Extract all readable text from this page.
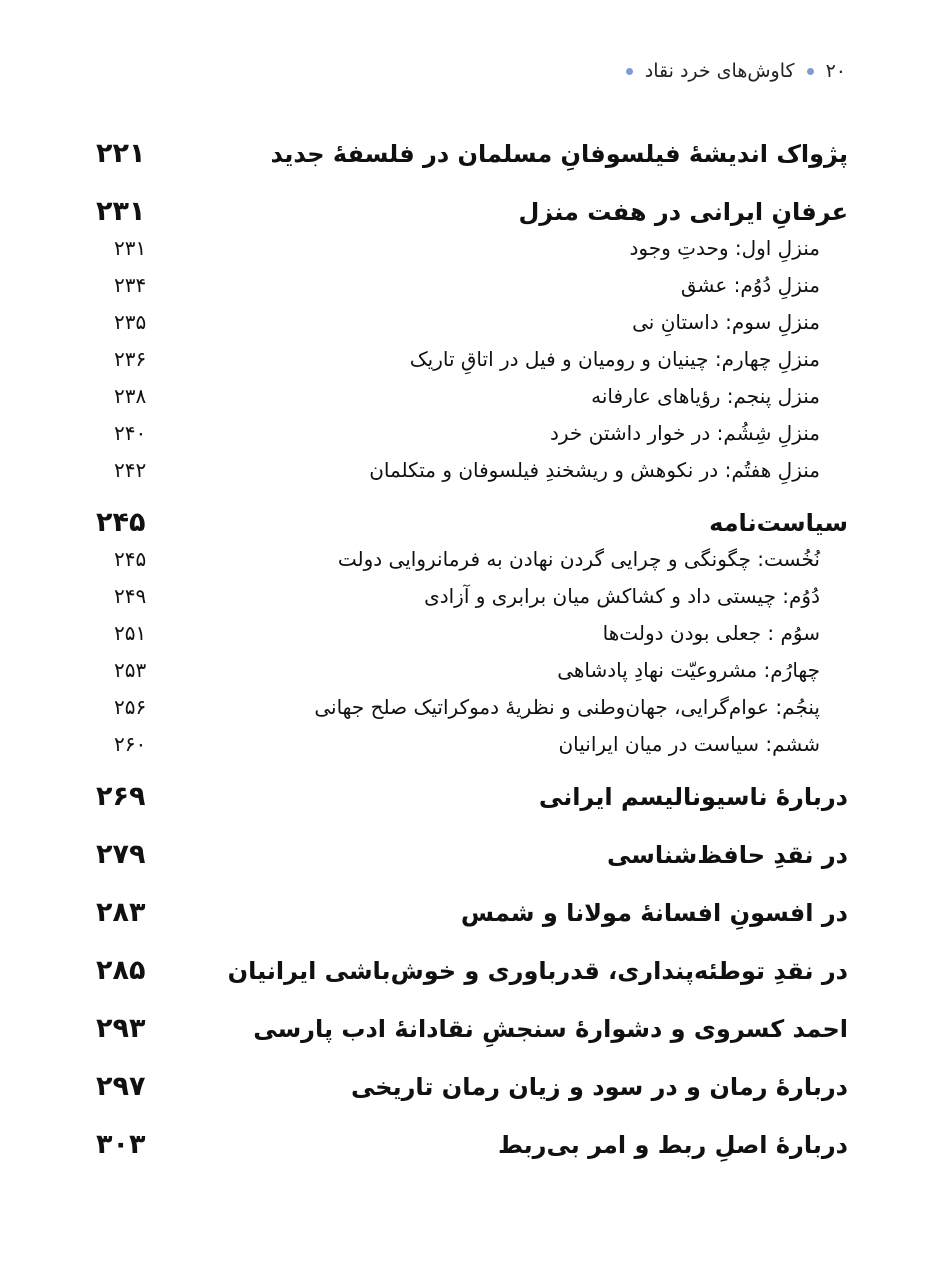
۲۰
کاوش‌های خرد نقاد
پژواک اندیشهٔ فیلسوفانِ مسلمان در فلسفهٔ جدید
۲۲۱
عرفانِ ایرانی در هفت منزل
۲۳۱
منزلِ اول: وحدتِ وجود
۲۳۱
منزلِ دُوُم: عشق
۲۳۴
منزلِ سوم: داستانِ نی
۲۳۵
منزلِ چهارم: چینیان و رومیان و فیل در اتاقِ تاریک
۲۳۶
منزل پنجم: رؤیاهای عارفانه
۲۳۸
منزلِ شِشُم: در خوار داشتن خرد
۲۴۰
منزلِ هفتُم: در نکوهش و ریشخندِ فیلسوفان و متکلمان
۲۴۲
سیاست‌نامه
۲۴۵
نُخُست: چگونگی و چرایی گردن نهادن به فرمانروایی دولت
۲۴۵
دُوُم: چیستی داد و کشاکش میان برابری و آزادی
۲۴۹
سوُم : جعلی بودن دولت‌ها
۲۵۱
چهارُم: مشروعیّت نهادِ پادشاهی
۲۵۳
پنجُم: عوام‌گرایی، جهان‌وطنی و نظریهٔ دموکراتیک صلح جهانی
۲۵۶
ششم: سیاست در میان ایرانیان
۲۶۰
دربارهٔ ناسیونالیسم ایرانی
۲۶۹
در نقدِ حافظ‌شناسی
۲۷۹
در افسونِ افسانهٔ مولانا و شمس
۲۸۳
در نقدِ توطئه‌پنداری، قدرباوری و خوش‌باشی ایرانیان
۲۸۵
احمد کسروی و دشوارهٔ سنجشِ نقادانهٔ ادب پارسی
۲۹۳
دربارهٔ رمان و در سود و زیان رمان تاریخی
۲۹۷
دربارهٔ اصلِ ربط و امر بی‌ربط
۳۰۳
